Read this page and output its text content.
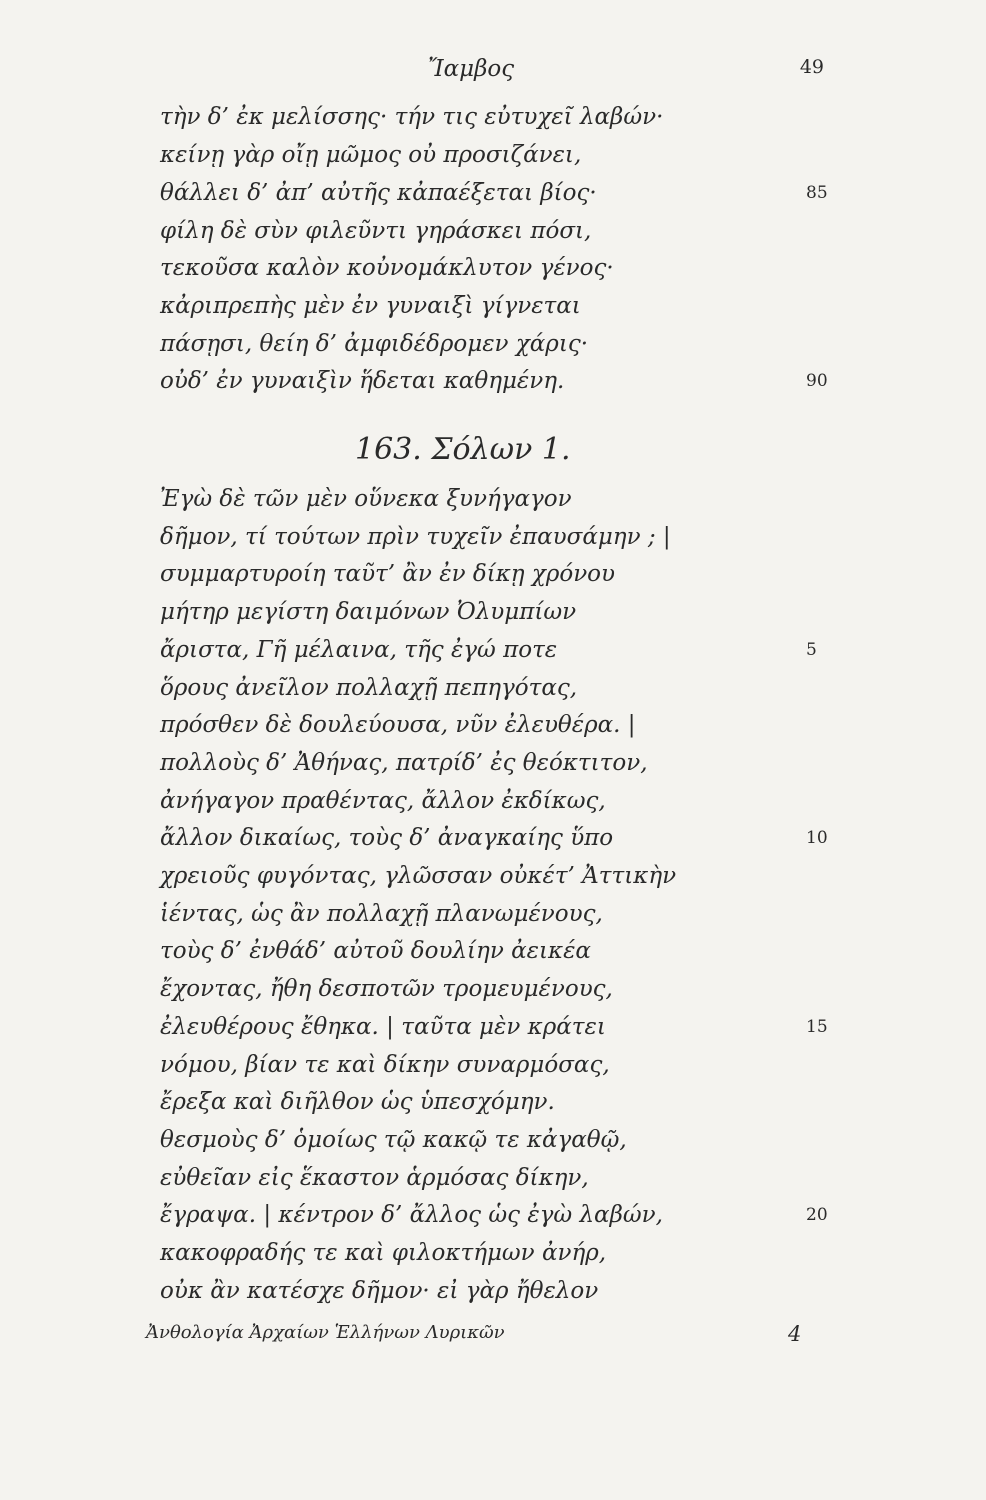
Ἴαμβος	49
τὴν δ’ ἐκ μελίσσης· τήν τις εὐτυχεῖ λαβών·
κείνῃ γὰρ οἴῃ μῶμος οὐ προσιζάνει,
θάλλει δ’ ἀπ’ αὐτῆς κἀπαέξεται βίος·
φίλη δὲ σὺν φιλεῦντι γηράσκει πόσι,
τεκοῦσα καλὸν κοὐνομάκλυτον γένος·
κἀριπρεπὴς μὲν ἐν γυναιξὶ γίγνεται
πάσῃσι, θείη δ’ ἀμφιδέδρομεν χάρις·
οὐδ’ ἐν γυναιξὶν ἥδεται καθημένη.
85
90
163. Σόλων 1.
Ἐγὼ δὲ τῶν μὲν οὕνεκα ξυνήγαγον
δῆμον, τί τούτων πρὶν τυχεῖν ἐπαυσάμην ; |
συμμαρτυροίη ταῦτ’ ἂν ἐν δίκῃ χρόνου
μήτηρ μεγίστη δαιμόνων Ὀλυμπίων
ἄριστα, Γῆ μέλαινα, τῆς ἐγώ ποτε
ὅρους ἀνεῖλον πολλαχῇ πεπηγότας,
πρόσθεν δὲ δουλεύουσα, νῦν ἐλευθέρα. |
πολλοὺς δ’ Ἀθήνας, πατρίδ’ ἐς θεόκτιτον,
ἀνήγαγον πραθέντας, ἄλλον ἐκδίκως,
ἄλλον δικαίως, τοὺς δ’ ἀναγκαίης ὕπο
χρειοῦς φυγόντας, γλῶσσαν οὐκέτ’ Ἀττικὴν
ἱέντας, ὡς ἂν πολλαχῇ πλανωμένους,
τοὺς δ’ ἐνθάδ’ αὐτοῦ δουλίην ἀεικέα
ἔχοντας, ἤθη δεσποτῶν τρομευμένους,
ἐλευθέρους ἔθηκα. | ταῦτα μὲν κράτει
νόμου, βίαν τε καὶ δίκην συναρμόσας,
ἔρεξα καὶ διῆλθον ὡς ὑπεσχόμην.
θεσμοὺς δ’ ὁμοίως τῷ κακῷ τε κἀγαθῷ,
εὐθεῖαν εἰς ἕκαστον ἁρμόσας δίκην,
ἔγραψα. | κέντρον δ’ ἄλλος ὡς ἐγὼ λαβών,
κακοφραδής τε καὶ φιλοκτήμων ἀνήρ,
οὐκ ἂν κατέσχε δῆμον· εἰ γὰρ ἤθελον
5
10
15
20
Ἀνθολογία Ἀρχαίων Ἑλλήνων Λυρικῶν	4
